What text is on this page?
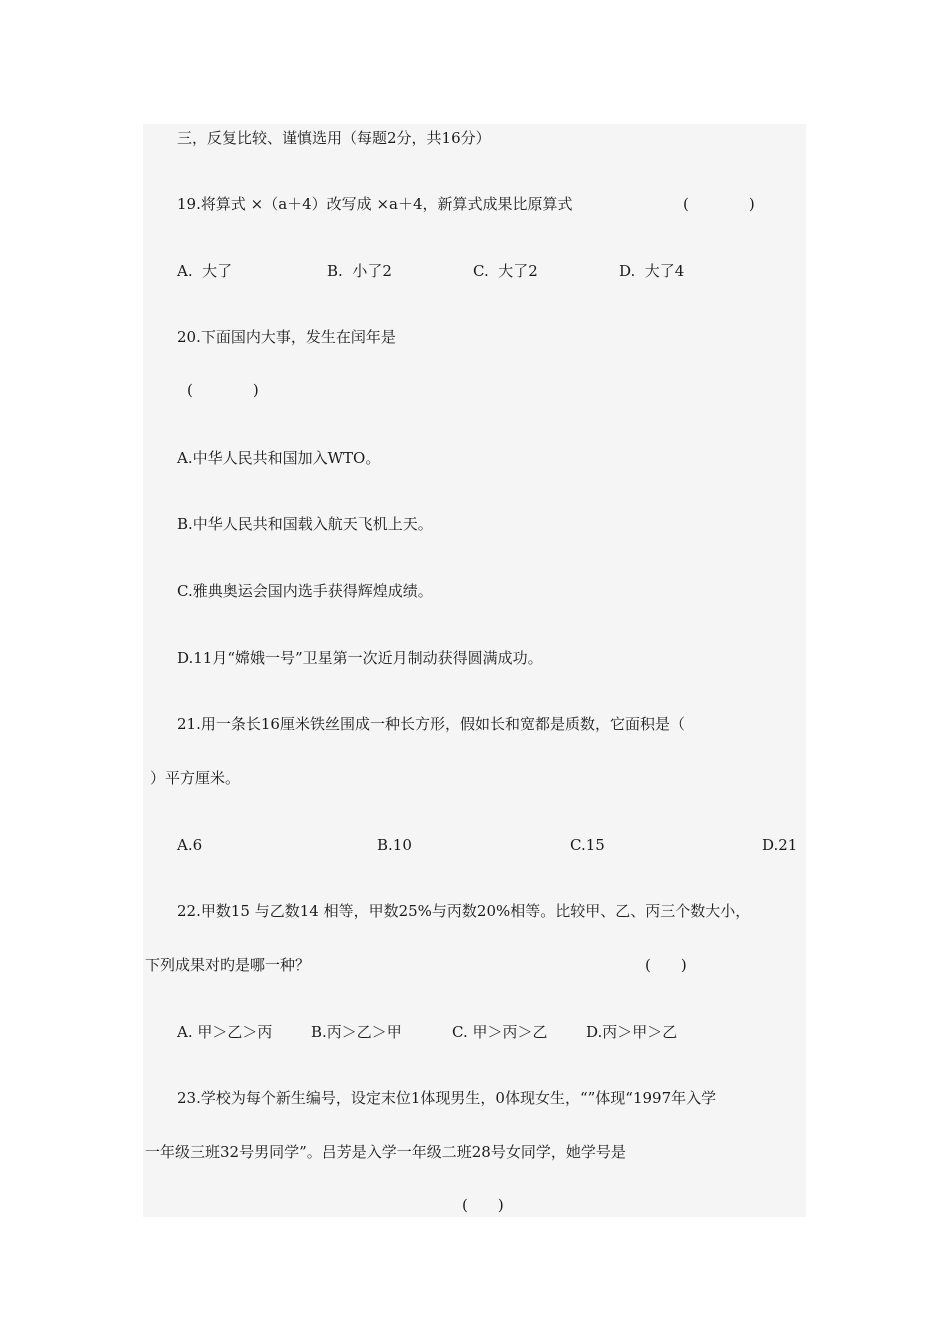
三，反复比较、谨慎选用（每题2分，共16分）
19.将算式 ×（a＋4）改写成 ×a＋4，新算式成果比原算式	(　　　　)

A.  大了

	B.  小了2

	C.  大了2

	D.  大了4

20.下面国内大事，发生在闰年是
(　　　　)
A.中华人民共和国加入WTO。
B.中华人民共和国载入航天飞机上天。
C.雅典奥运会国内选手获得辉煌成绩。
D.11月“嫦娥一号”卫星第一次近月制动获得圆满成功。
21.用一条长16厘米铁丝围成一种长方形，假如长和宽都是质数，它面积是（
）平方厘米。

A.6

	B.10

	C.15

	D.21

22.甲数15 与乙数14 相等，甲数25%与丙数20%相等。比较甲、乙、丙三个数大小，
下列成果对旳是哪一种？	(　　)

A. 甲＞乙＞丙

	B.丙＞乙＞甲

	C. 甲＞丙＞乙

	D.丙＞甲＞乙

23.学校为每个新生编号，设定末位1体现男生，0体现女生，“”体现“1997年入学
一年级三班32号男同学”。吕芳是入学一年级二班28号女同学，她学号是
(　　)
